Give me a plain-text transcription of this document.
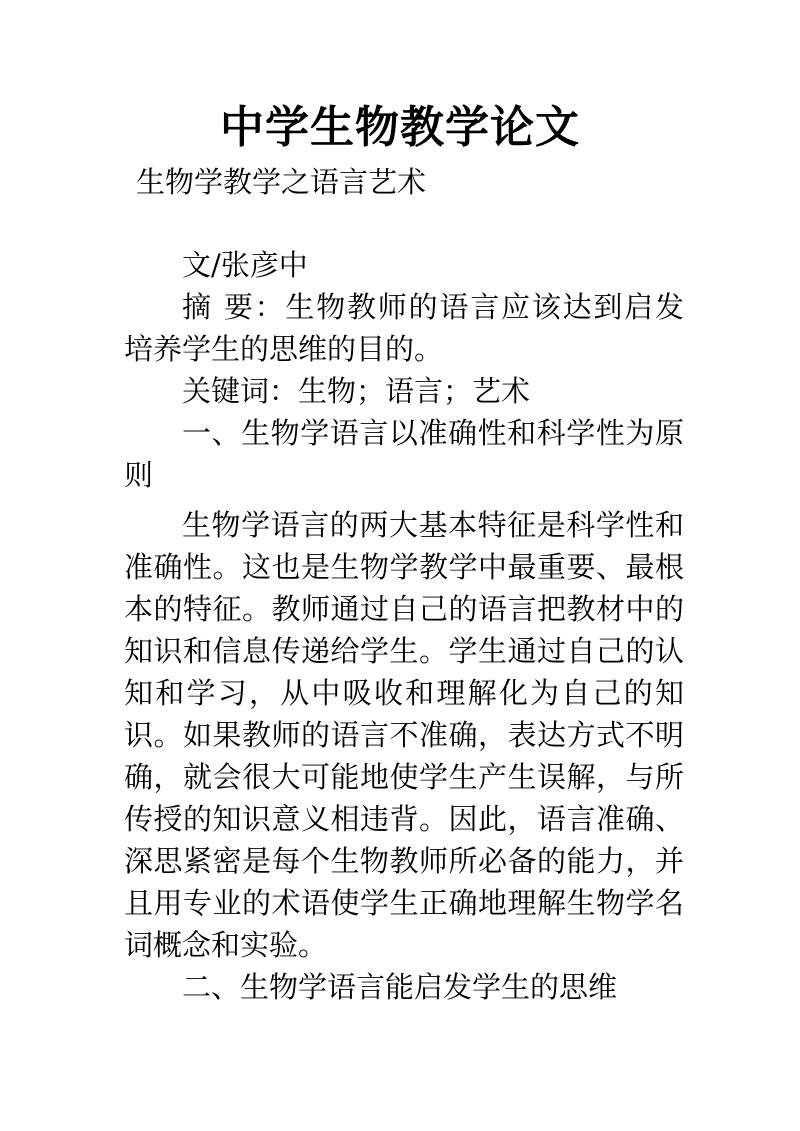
中学生物教学论文
生物学教学之语言艺术

文/张彦中

摘 要：生物教师的语言应该达到启发培养学生的思维的目的。

关键词：生物；语言；艺术

一、生物学语言以准确性和科学性为原则

生物学语言的两大基本特征是科学性和准确性。这也是生物学教学中最重要、最根本的特征。教师通过自己的语言把教材中的知识和信息传递给学生。学生通过自己的认知和学习，从中吸收和理解化为自己的知识。如果教师的语言不准确，表达方式不明确，就会很大可能地使学生产生误解，与所传授的知识意义相违背。因此，语言准确、深思紧密是每个生物教师所必备的能力，并且用专业的术语使学生正确地理解生物学名词概念和实验。

二、生物学语言能启发学生的思维
